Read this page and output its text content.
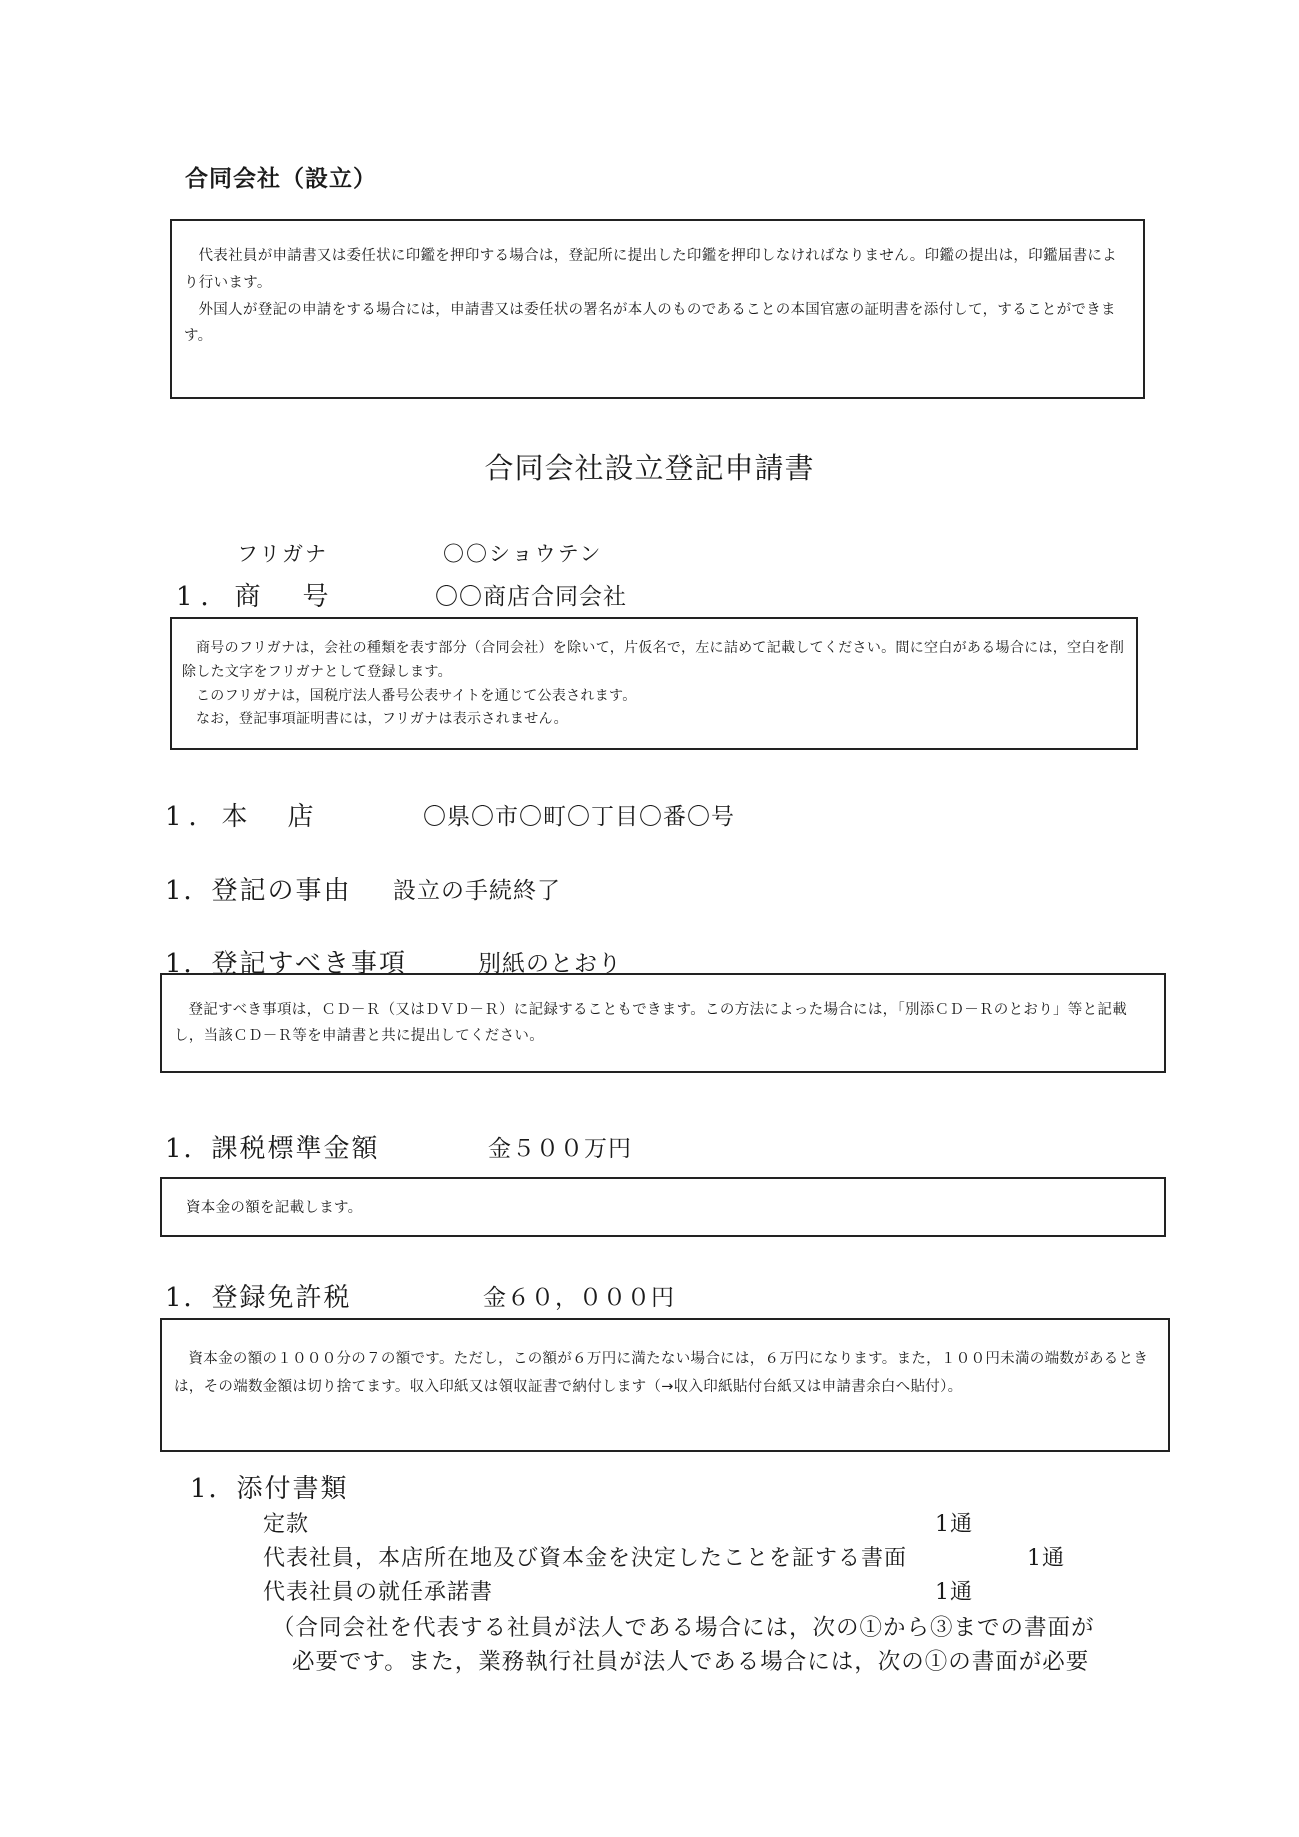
合同会社（設立）

代表社員が申請書又は委任状に印鑑を押印する場合は，登記所に提出した印鑑を押印しなければなりません。印鑑の提出は，印鑑届書により行います。

外国人が登記の申請をする場合には，申請書又は委任状の署名が本人のものであることの本国官憲の証明書を添付して，することができます。

合同会社設立登記申請書
フリガナ	〇〇ショウテン
1．商　号	〇〇商店合同会社

商号のフリガナは，会社の種類を表す部分（合同会社）を除いて，片仮名で，左に詰めて記載してください。間に空白がある場合には，空白を削除した文字をフリガナとして登録します。

このフリガナは，国税庁法人番号公表サイトを通じて公表されます。

なお，登記事項証明書には，フリガナは表示されません。

1．本　店	〇県〇市〇町〇丁目〇番〇号
1．登記の事由 設立の手続終了
1．登記すべき事項	別紙のとおり

登記すべき事項は，ＣＤ－Ｒ（又はＤＶＤ－Ｒ）に記録することもできます。この方法によった場合には，「別添ＣＤ－Ｒのとおり」等と記載し，当該ＣＤ－Ｒ等を申請書と共に提出してください。

1．課税標準金額	金５００万円

資本金の額を記載します。

1．登録免許税	金６０，０００円

資本金の額の１０００分の７の額です。ただし，この額が６万円に満たない場合には，６万円になります。また，１００円未満の端数があるときは，その端数金額は切り捨てます。収入印紙又は領収証書で納付します（→収入印紙貼付台紙又は申請書余白へ貼付）。

1．添付書類
定款	1通
代表社員，本店所在地及び資本金を決定したことを証する書面	1通
代表社員の就任承諾書	1通
（合同会社を代表する社員が法人である場合には，次の①から③までの書面が
必要です。また，業務執行社員が法人である場合には，次の①の書面が必要
